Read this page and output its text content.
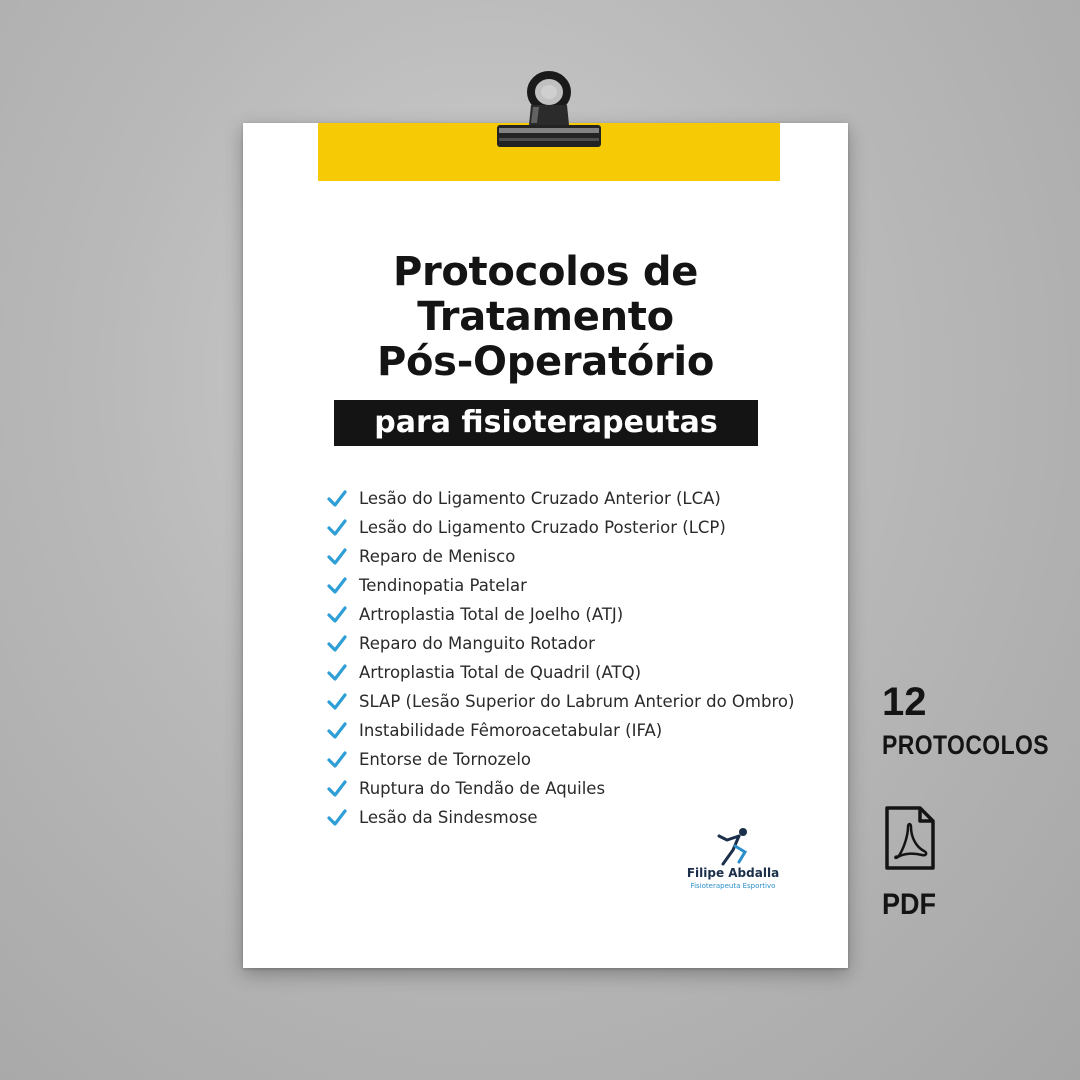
Protocolos de
Tratamento
Pós-Operatório
para fisioterapeutas
Lesão do Ligamento Cruzado Anterior (LCA)
Lesão do Ligamento Cruzado Posterior (LCP)
Reparo de Menisco
Tendinopatia Patelar
Artroplastia Total de Joelho (ATJ)
Reparo do Manguito Rotador
Artroplastia Total de Quadril (ATQ)
SLAP (Lesão Superior do Labrum Anterior do Ombro)
Instabilidade Fêmoroacetabular (IFA)
Entorse de Tornozelo
Ruptura do Tendão de Aquiles
Lesão da Sindesmose
Filipe Abdalla
Fisioterapeuta Esportivo
12
PROTOCOLOS
PDF
